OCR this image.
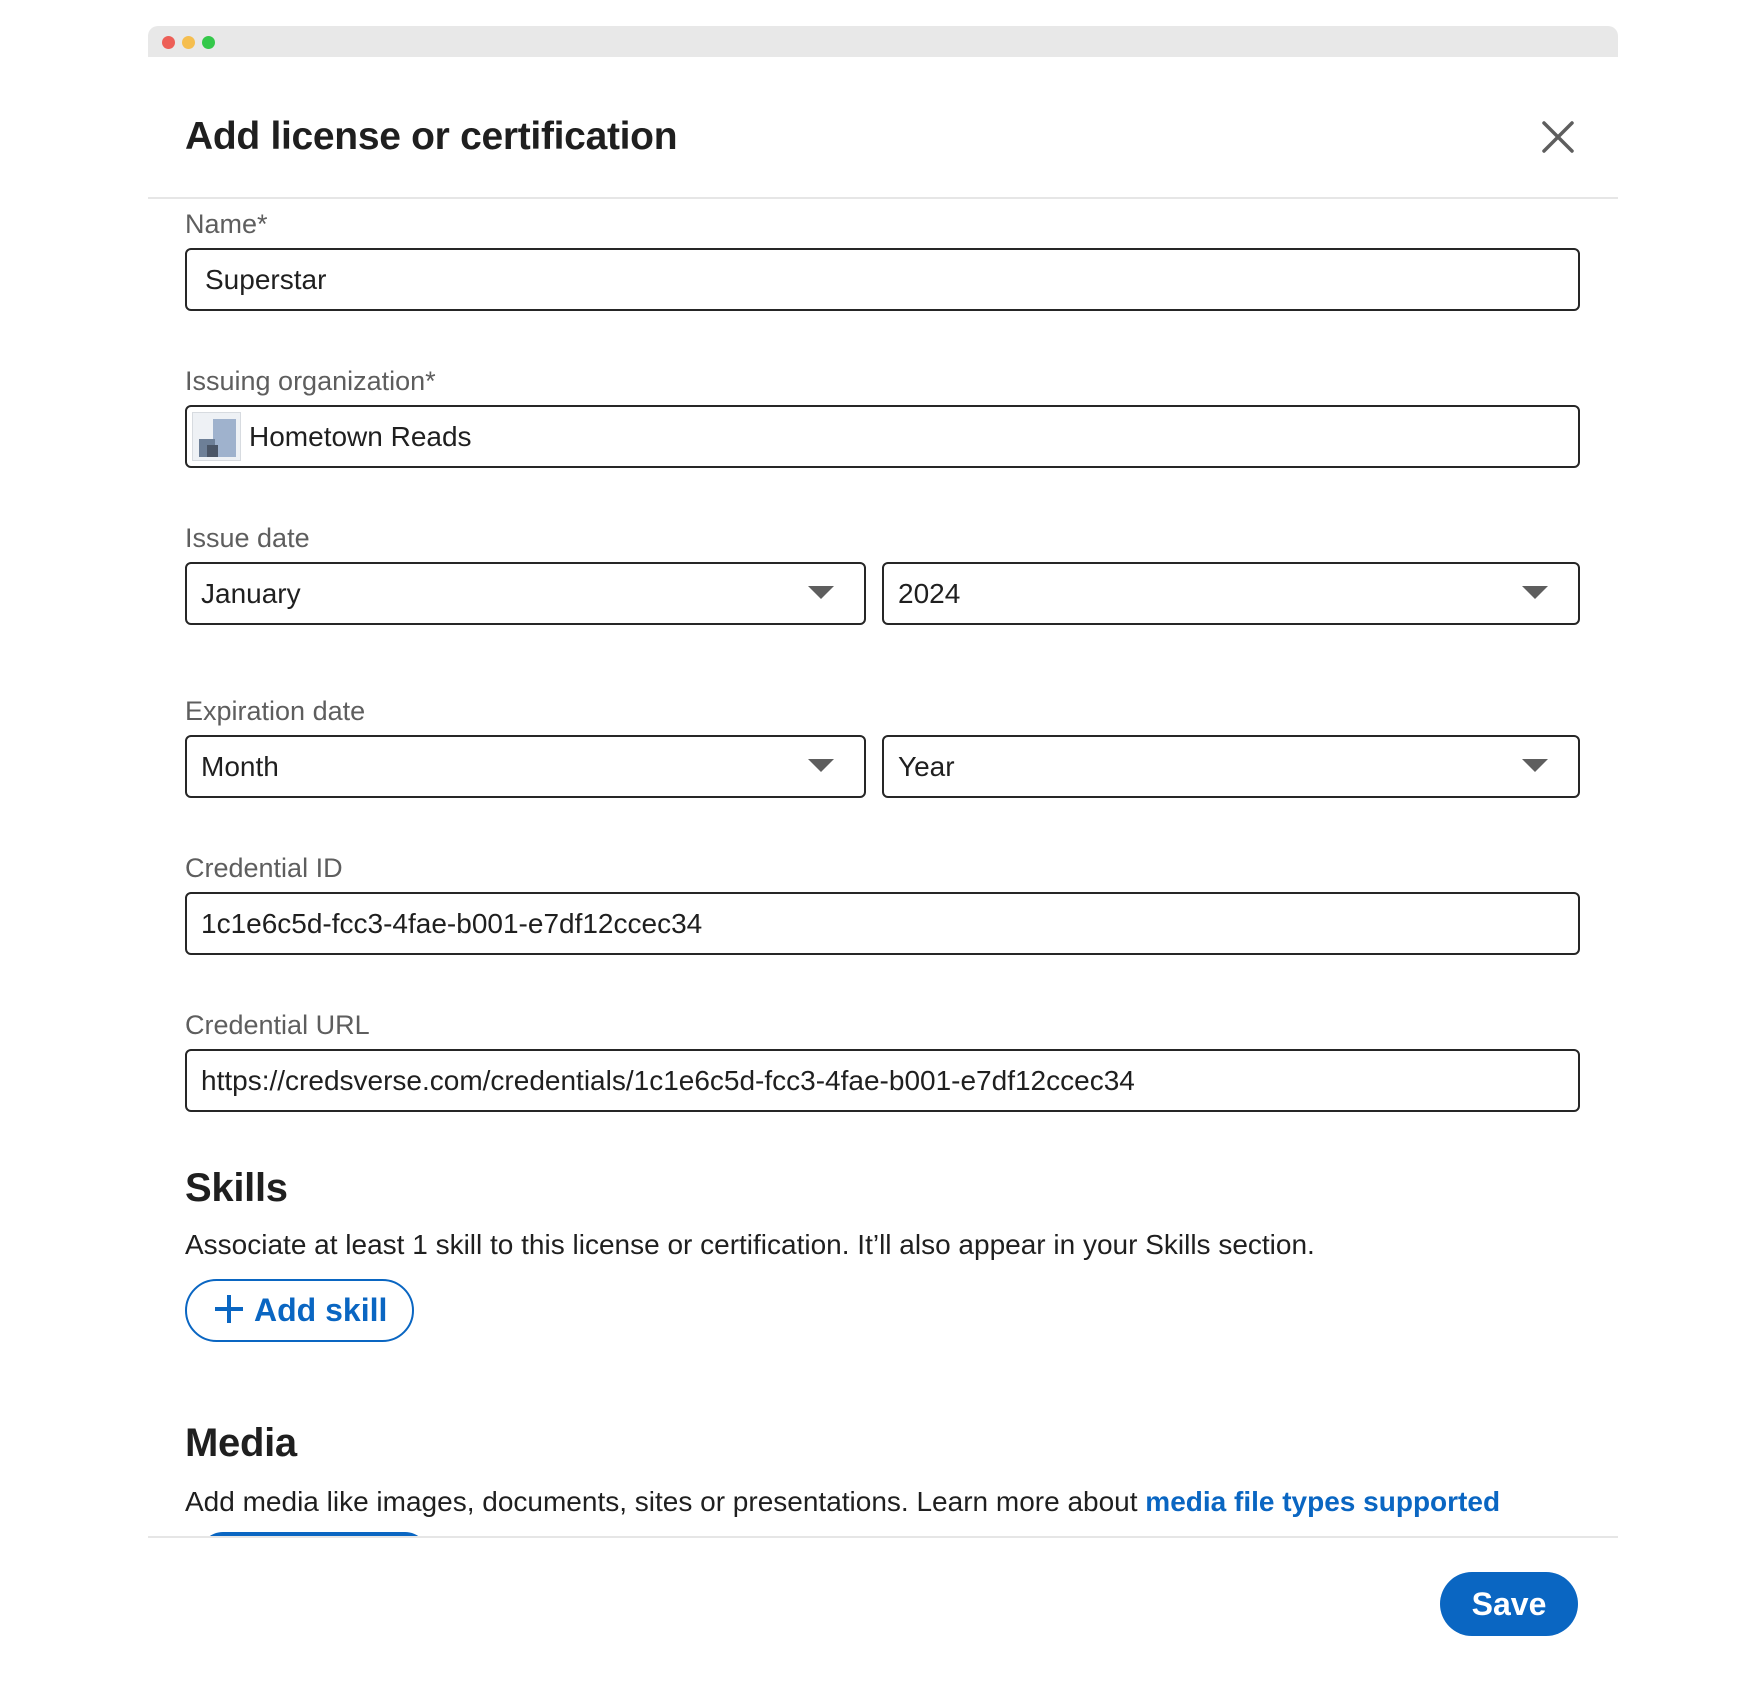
Add license or certification
Name*
Superstar
Issuing organization*
Hometown Reads
Issue date
January	2024
Expiration date
Month	Year
Credential ID
1c1e6c5d-fcc3-4fae-b001-e7df12ccec34
Credential URL
https://credsverse.com/credentials/1c1e6c5d-fcc3-4fae-b001-e7df12ccec34
Skills
Associate at least 1 skill to this license or certification. It’ll also appear in your Skills section.
Add skill
Media
Add media like images, documents, sites or presentations. Learn more about media file types supported
Save
